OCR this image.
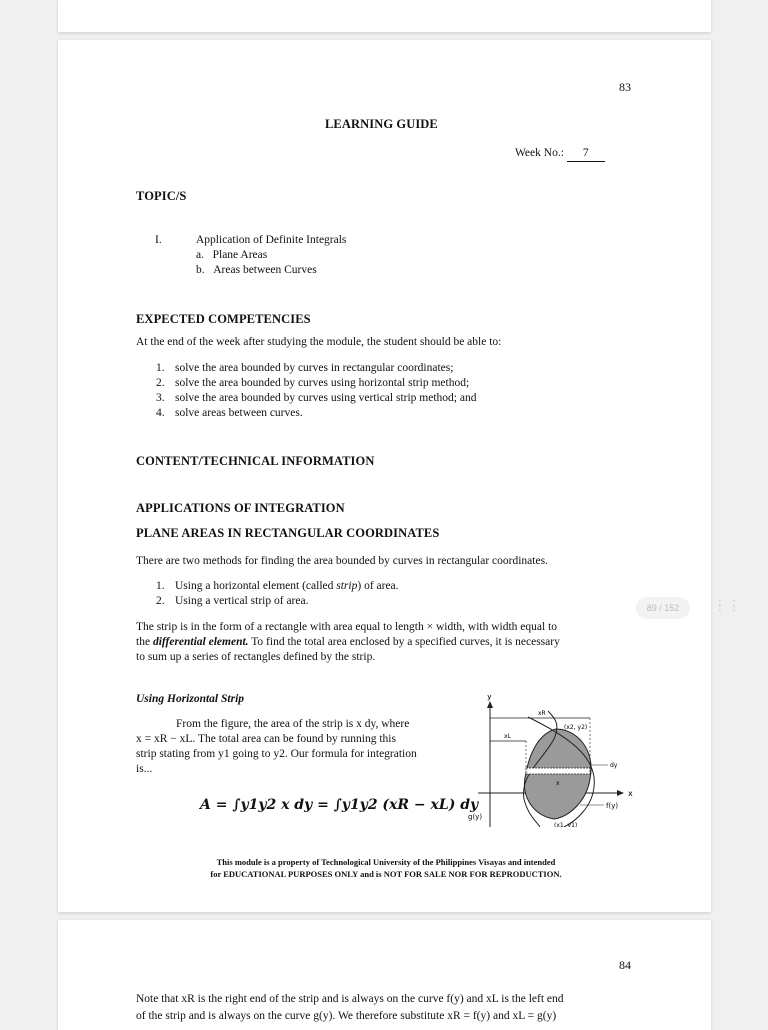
83
LEARNING GUIDE
Week No.: 7
TOPIC/S
I.	Application of Definite Integrals
a. Plane Areas
b. Areas between Curves
EXPECTED COMPETENCIES
At the end of the week after studying the module, the student should be able to:
1. solve the area bounded by curves in rectangular coordinates;
2. solve the area bounded by curves using horizontal strip method;
3. solve the area bounded by curves using vertical strip method; and
4. solve areas between curves.
CONTENT/TECHNICAL INFORMATION
APPLICATIONS OF INTEGRATION
PLANE AREAS IN RECTANGULAR COORDINATES
There are two methods for finding the area bounded by curves in rectangular coordinates.
1. Using a horizontal element (called strip) of area.
2. Using a vertical strip of area.
The strip is in the form of a rectangle with area equal to length × width, with width equal to
the differential element. To find the total area enclosed by a specified curves, it is necessary
to sum up a series of rectangles defined by the strip.
Using Horizontal Strip
From the figure, the area of the strip is x dy, where
x = xR − xL. The total area can be found by running this
strip stating from y1 going to y2. Our formula for integration
is...
A = ∫y1y2 x dy = ∫y1y2 (xR − xL) dy
y
x
xR
xL
(x2, y2)
(x1, y1)
dy
x
g(y)
f(y)
This module is a property of Technological University of the Philippines Visayas and intended
for EDUCATIONAL PURPOSES ONLY and is NOT FOR SALE NOR FOR REPRODUCTION.
84
Note that xR is the right end of the strip and is always on the curve f(y) and xL is the left end
of the strip and is always on the curve g(y). We therefore substitute xR = f(y) and xL = g(y)
89 / 152	⋮⋮
